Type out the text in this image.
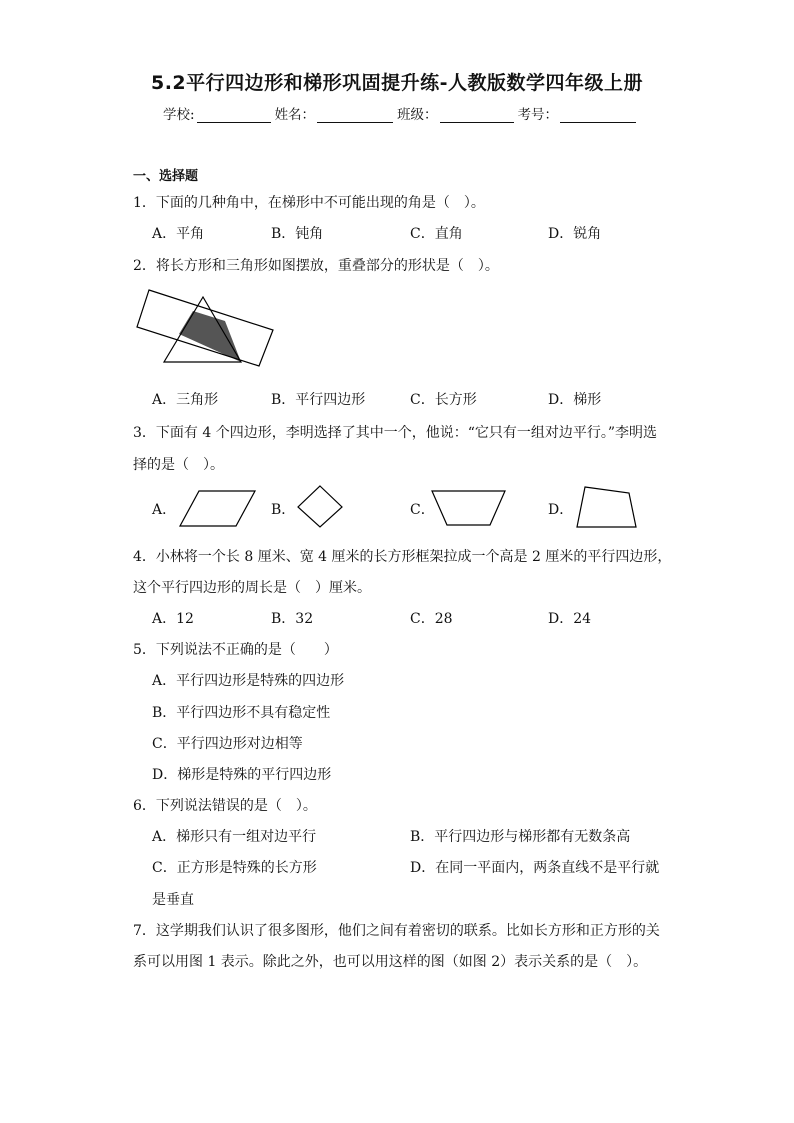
5.2平行四边形和梯形巩固提升练-人教版数学四年级上册
学校:	姓名：	班级：	考号：
一、选择题
1．下面的几种角中，在梯形中不可能出现的角是（　）。
A．平角	B．钝角	C．直角	D．锐角
2．将长方形和三角形如图摆放，重叠部分的形状是（　）。
A．三角形	B．平行四边形	C．长方形	D．梯形
3．下面有 4 个四边形，李明选择了其中一个，他说：“它只有一组对边平行。”李明选
择的是（　）。
A．	B．	C．	D．
4．小林将一个长 8 厘米、宽 4 厘米的长方形框架拉成一个高是 2 厘米的平行四边形，
这个平行四边形的周长是（　）厘米。
A．12	B．32	C．28	D．24
5．下列说法不正确的是（　　）
A．平行四边形是特殊的四边形
B．平行四边形不具有稳定性
C．平行四边形对边相等
D．梯形是特殊的平行四边形
6．下列说法错误的是（　）。
A．梯形只有一组对边平行	B．平行四边形与梯形都有无数条高
C．正方形是特殊的长方形	D．在同一平面内，两条直线不是平行就
是垂直
7．这学期我们认识了很多图形，他们之间有着密切的联系。比如长方形和正方形的关
系可以用图 1 表示。除此之外，也可以用这样的图（如图 2）表示关系的是（　）。
